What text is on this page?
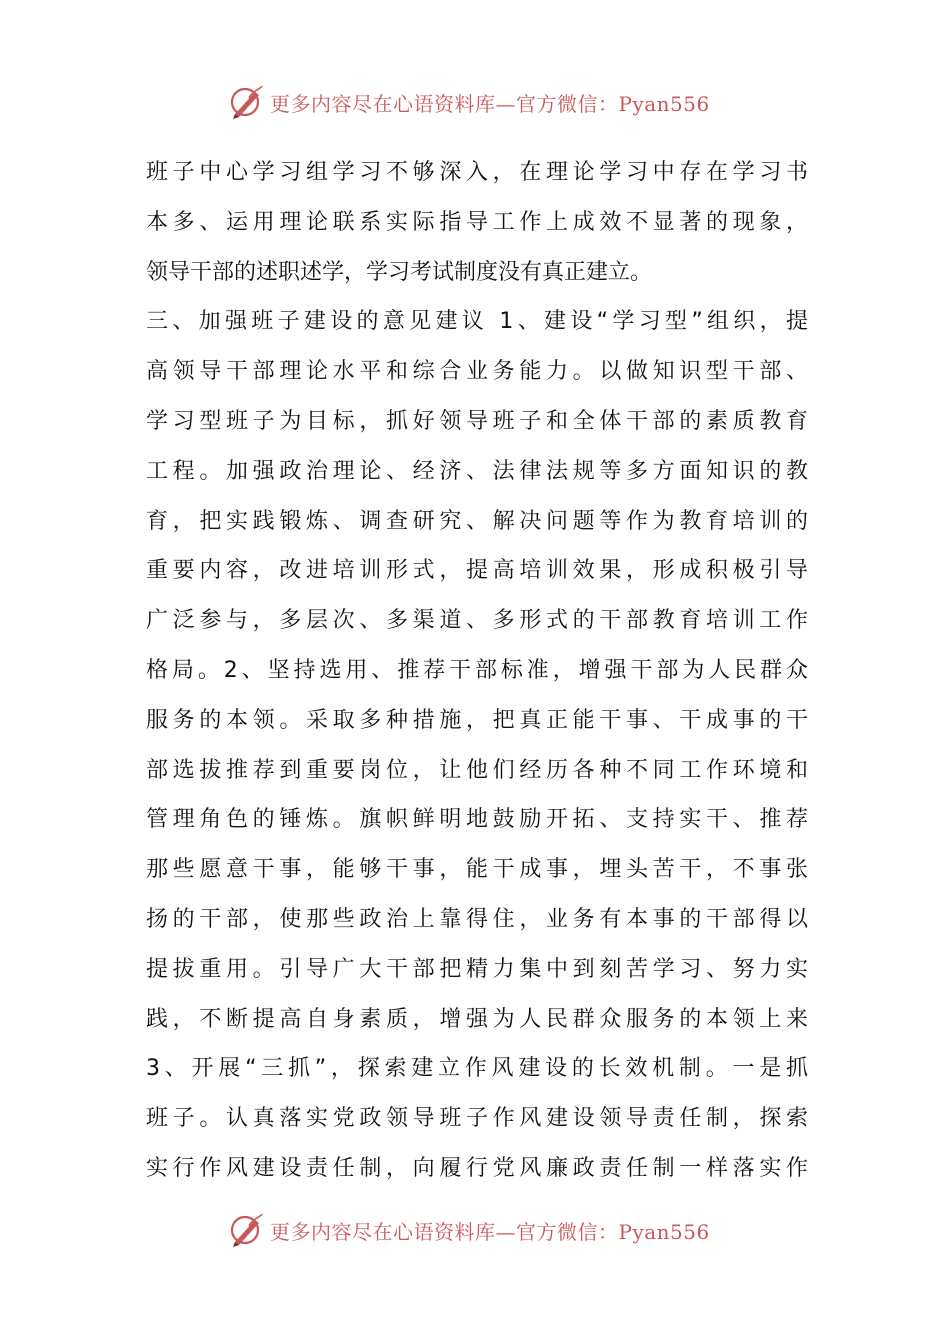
更多内容尽在心语资料库—官方微信：Pyan556
班子中心学习组学习不够深入，在理论学习中存在学习书
本多、运用理论联系实际指导工作上成效不显著的现象，
领导干部的述职述学，学习考试制度没有真正建立。
三、加强班子建设的意见建议 1、建设“学习型”组织，提
高领导干部理论水平和综合业务能力。以做知识型干部、
学习型班子为目标，抓好领导班子和全体干部的素质教育
工程。加强政治理论、经济、法律法规等多方面知识的教
育，把实践锻炼、调查研究、解决问题等作为教育培训的
重要内容，改进培训形式，提高培训效果，形成积极引导
广泛参与，多层次、多渠道、多形式的干部教育培训工作
格局。2、坚持选用、推荐干部标准，增强干部为人民群众
服务的本领。采取多种措施，把真正能干事、干成事的干
部选拔推荐到重要岗位，让他们经历各种不同工作环境和
管理角色的锤炼。旗帜鲜明地鼓励开拓、支持实干、推荐
那些愿意干事，能够干事，能干成事，埋头苦干，不事张
扬的干部，使那些政治上靠得住，业务有本事的干部得以
提拔重用。引导广大干部把精力集中到刻苦学习、努力实
践，不断提高自身素质，增强为人民群众服务的本领上来
3、开展“三抓”，探索建立作风建设的长效机制。一是抓
班子。认真落实党政领导班子作风建设领导责任制，探索
实行作风建设责任制，向履行党风廉政责任制一样落实作
更多内容尽在心语资料库—官方微信：Pyan556
